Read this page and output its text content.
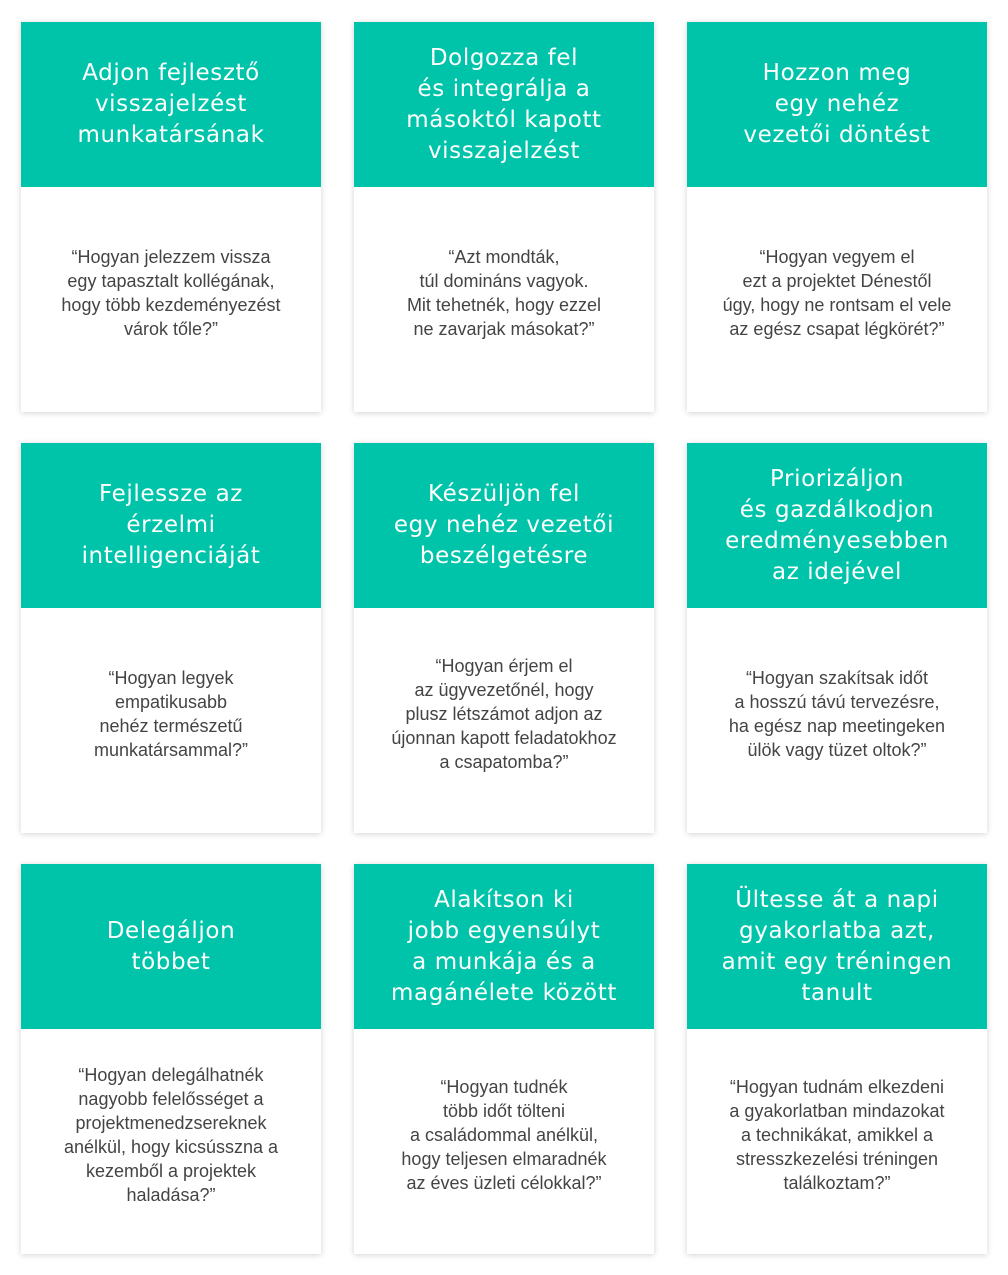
Adjon fejlesztő
visszajelzést
munkatársának
“Hogyan jelezzem vissza
egy tapasztalt kollégának,
hogy több kezdeményezést
várok tőle?”
Dolgozza fel
és integrálja a
másoktól kapott
visszajelzést
“Azt mondták,
túl domináns vagyok.
Mit tehetnék, hogy ezzel
ne zavarjak másokat?”
Hozzon meg
egy nehéz
vezetői döntést
“Hogyan vegyem el
ezt a projektet Dénestől
úgy, hogy ne rontsam el vele
az egész csapat légkörét?”
Fejlessze az
érzelmi
intelligenciáját
“Hogyan legyek
empatikusabb
nehéz természetű
munkatársammal?”
Készüljön fel
egy nehéz vezetői
beszélgetésre
“Hogyan érjem el
az ügyvezetőnél, hogy
plusz létszámot adjon az
újonnan kapott feladatokhoz
a csapatomba?”
Priorizáljon
és gazdálkodjon
eredményesebben
az idejével
“Hogyan szakítsak időt
a hosszú távú tervezésre,
ha egész nap meetingeken
ülök vagy tüzet oltok?”
Delegáljon
többet
“Hogyan delegálhatnék
nagyobb felelősséget a
projektmenedzsereknek
anélkül, hogy kicsússzna a
kezemből a projektek
haladása?”
Alakítson ki
jobb egyensúlyt
a munkája és a
magánélete között
“Hogyan tudnék
több időt tölteni
a családommal anélkül,
hogy teljesen elmaradnék
az éves üzleti célokkal?”
Ültesse át a napi
gyakorlatba azt,
amit egy tréningen
tanult
“Hogyan tudnám elkezdeni
a gyakorlatban mindazokat
a technikákat, amikkel a
stresszkezelési tréningen
találkoztam?”
